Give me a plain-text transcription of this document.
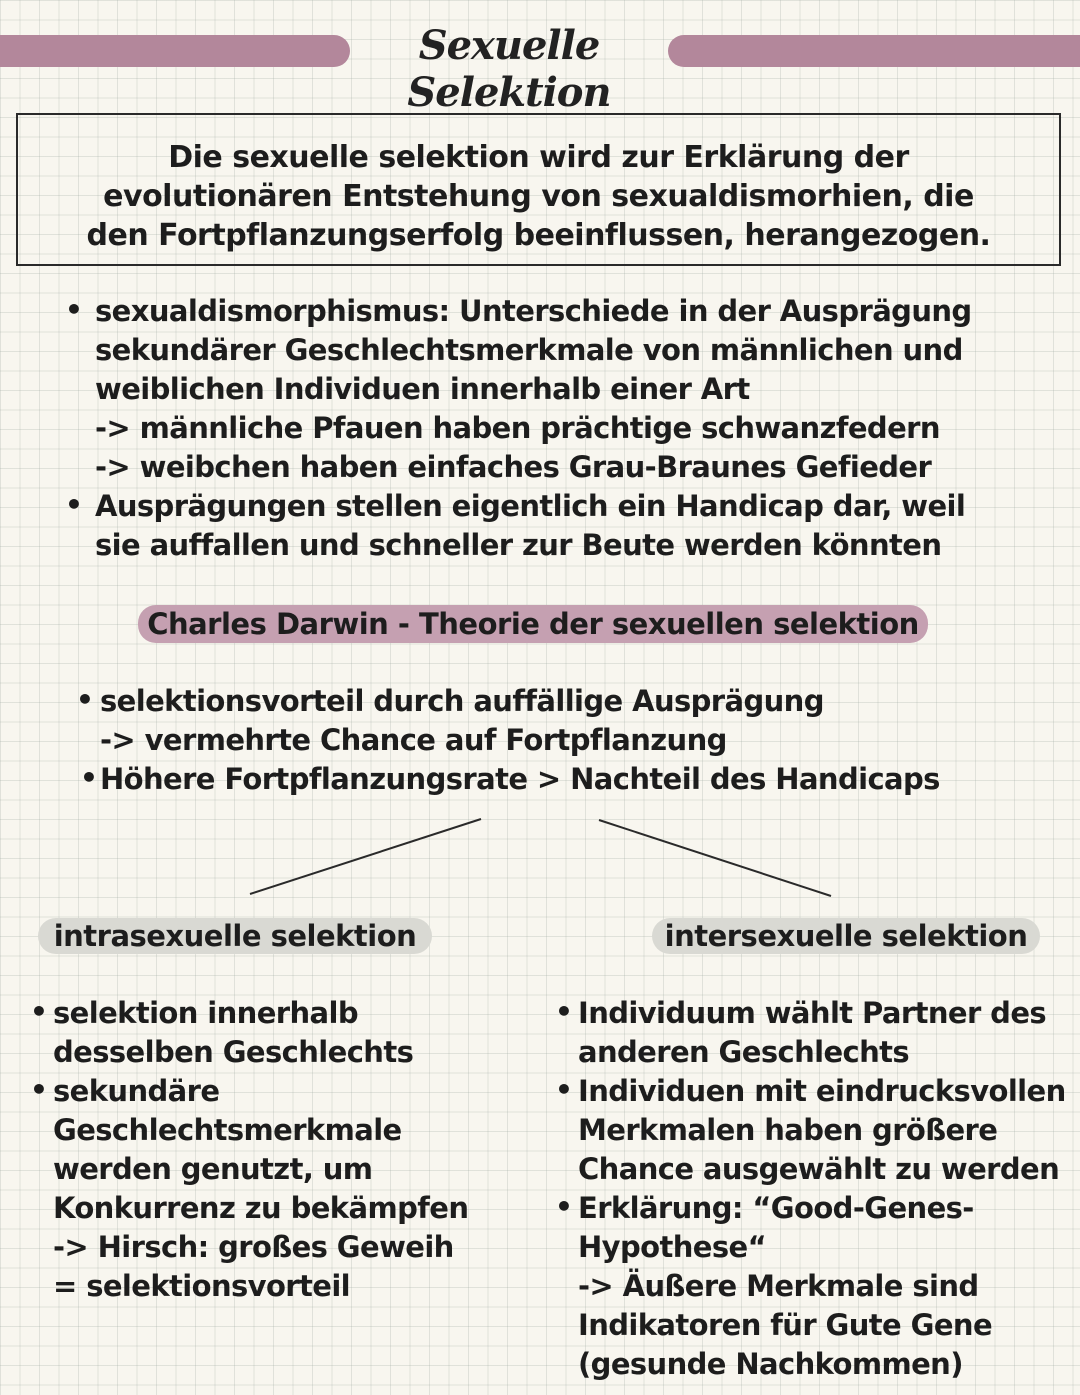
Sexuelle Selektion
Die sexuelle selektion wird zur Erklärung der
evolutionären Entstehung von sexualdismorhien, die
den Fortpflanzungserfolg beeinflussen, herangezogen.
• sexualdismorphismus: Unterschiede in der Ausprägung
sekundärer Geschlechtsmerkmale von männlichen und
weiblichen Individuen innerhalb einer Art
-> männliche Pfauen haben prächtige schwanzfedern
-> weibchen haben einfaches Grau-Braunes Gefieder
• Ausprägungen stellen eigentlich ein Handicap dar, weil
sie auffallen und schneller zur Beute werden könnten
Charles Darwin - Theorie der sexuellen selektion
• selektionsvorteil durch auffällige Ausprägung
-> vermehrte Chance auf Fortpflanzung
• Höhere Fortpflanzungsrate > Nachteil des Handicaps
intrasexuelle selektion	intersexuelle selektion
• selektion innerhalb
desselben Geschlechts
• sekundäre
Geschlechtsmerkmale
werden genutzt, um
Konkurrenz zu bekämpfen
-> Hirsch: großes Geweih
= selektionsvorteil
• Individuum wählt Partner des
anderen Geschlechts
• Individuen mit eindrucksvollen
Merkmalen haben größere
Chance ausgewählt zu werden
• Erklärung: “Good-Genes-
Hypothese“
-> Äußere Merkmale sind
Indikatoren für Gute Gene
(gesunde Nachkommen)
